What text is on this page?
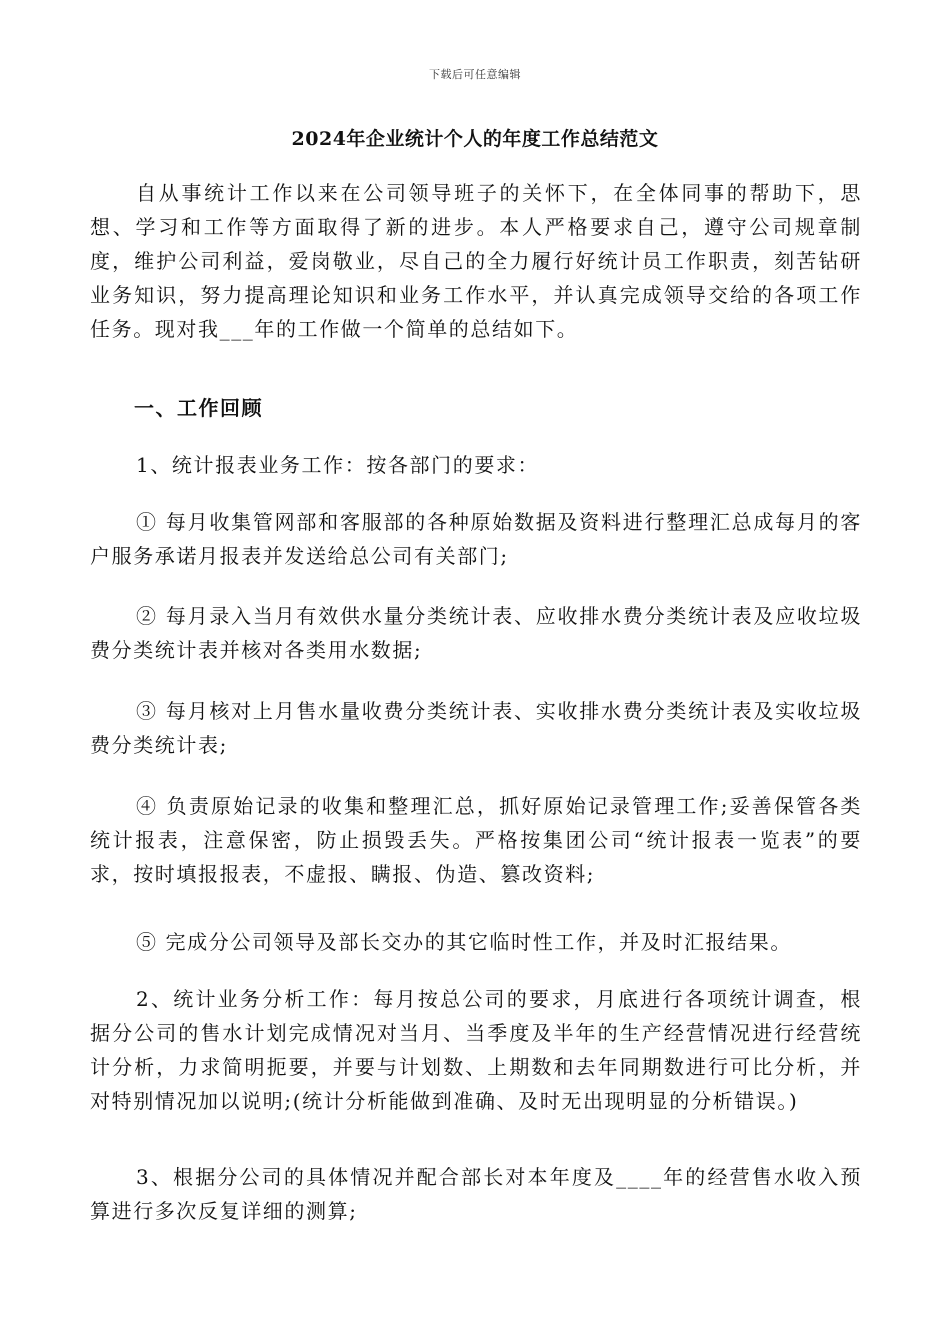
下载后可任意编辑
2024年企业统计个人的年度工作总结范文

自从事统计工作以来在公司领导班子的关怀下，在全体同事的帮助下，思想、学习和工作等方面取得了新的进步。本人严格要求自己，遵守公司规章制度，维护公司利益，爱岗敬业，尽自己的全力履行好统计员工作职责，刻苦钻研业务知识，努力提高理论知识和业务工作水平，并认真完成领导交给的各项工作任务。现对我___年的工作做一个简单的总结如下。

一、工作回顾

1、统计报表业务工作：按各部门的要求：

① 每月收集管网部和客服部的各种原始数据及资料进行整理汇总成每月的客户服务承诺月报表并发送给总公司有关部门;

② 每月录入当月有效供水量分类统计表、应收排水费分类统计表及应收垃圾费分类统计表并核对各类用水数据;

③ 每月核对上月售水量收费分类统计表、实收排水费分类统计表及实收垃圾费分类统计表;

④ 负责原始记录的收集和整理汇总，抓好原始记录管理工作;妥善保管各类统计报表，注意保密，防止损毁丢失。严格按集团公司“统计报表一览表”的要求，按时填报报表，不虚报、瞒报、伪造、篡改资料;

⑤ 完成分公司领导及部长交办的其它临时性工作，并及时汇报结果。

2、统计业务分析工作：每月按总公司的要求，月底进行各项统计调查，根据分公司的售水计划完成情况对当月、当季度及半年的生产经营情况进行经营统计分析，力求简明扼要，并要与计划数、上期数和去年同期数进行可比分析，并对特别情况加以说明;(统计分析能做到准确、及时无出现明显的分析错误。)

3、根据分公司的具体情况并配合部长对本年度及____年的经营售水收入预算进行多次反复详细的测算;
